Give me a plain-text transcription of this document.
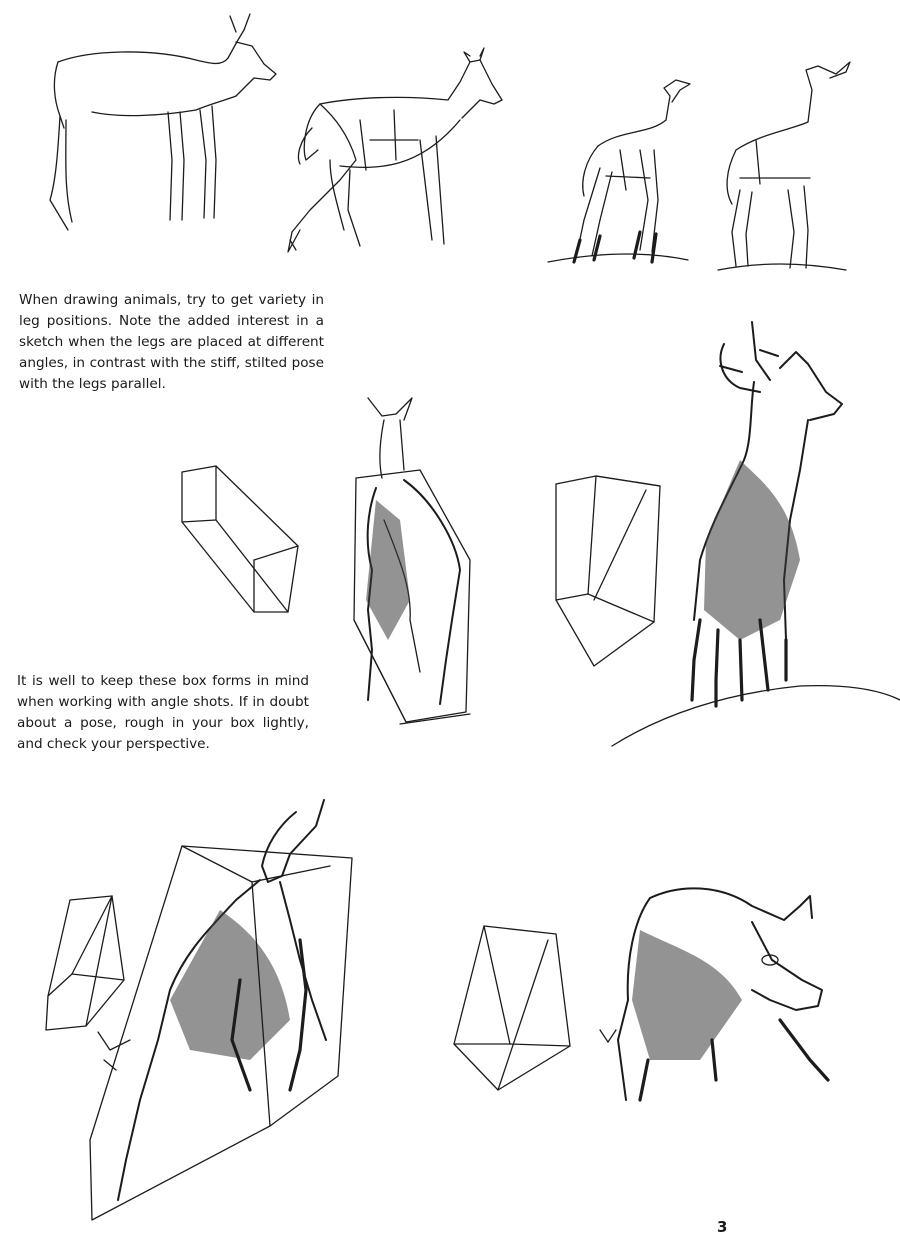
When drawing animals, try to get variety in leg positions. Note the added interest in a sketch when the legs are placed at different angles, in contrast with the stiff, stilted pose with the legs parallel.
It is well to keep these box forms in mind when working with angle shots. If in doubt about a pose, rough in your box lightly, and check your perspective.
3
